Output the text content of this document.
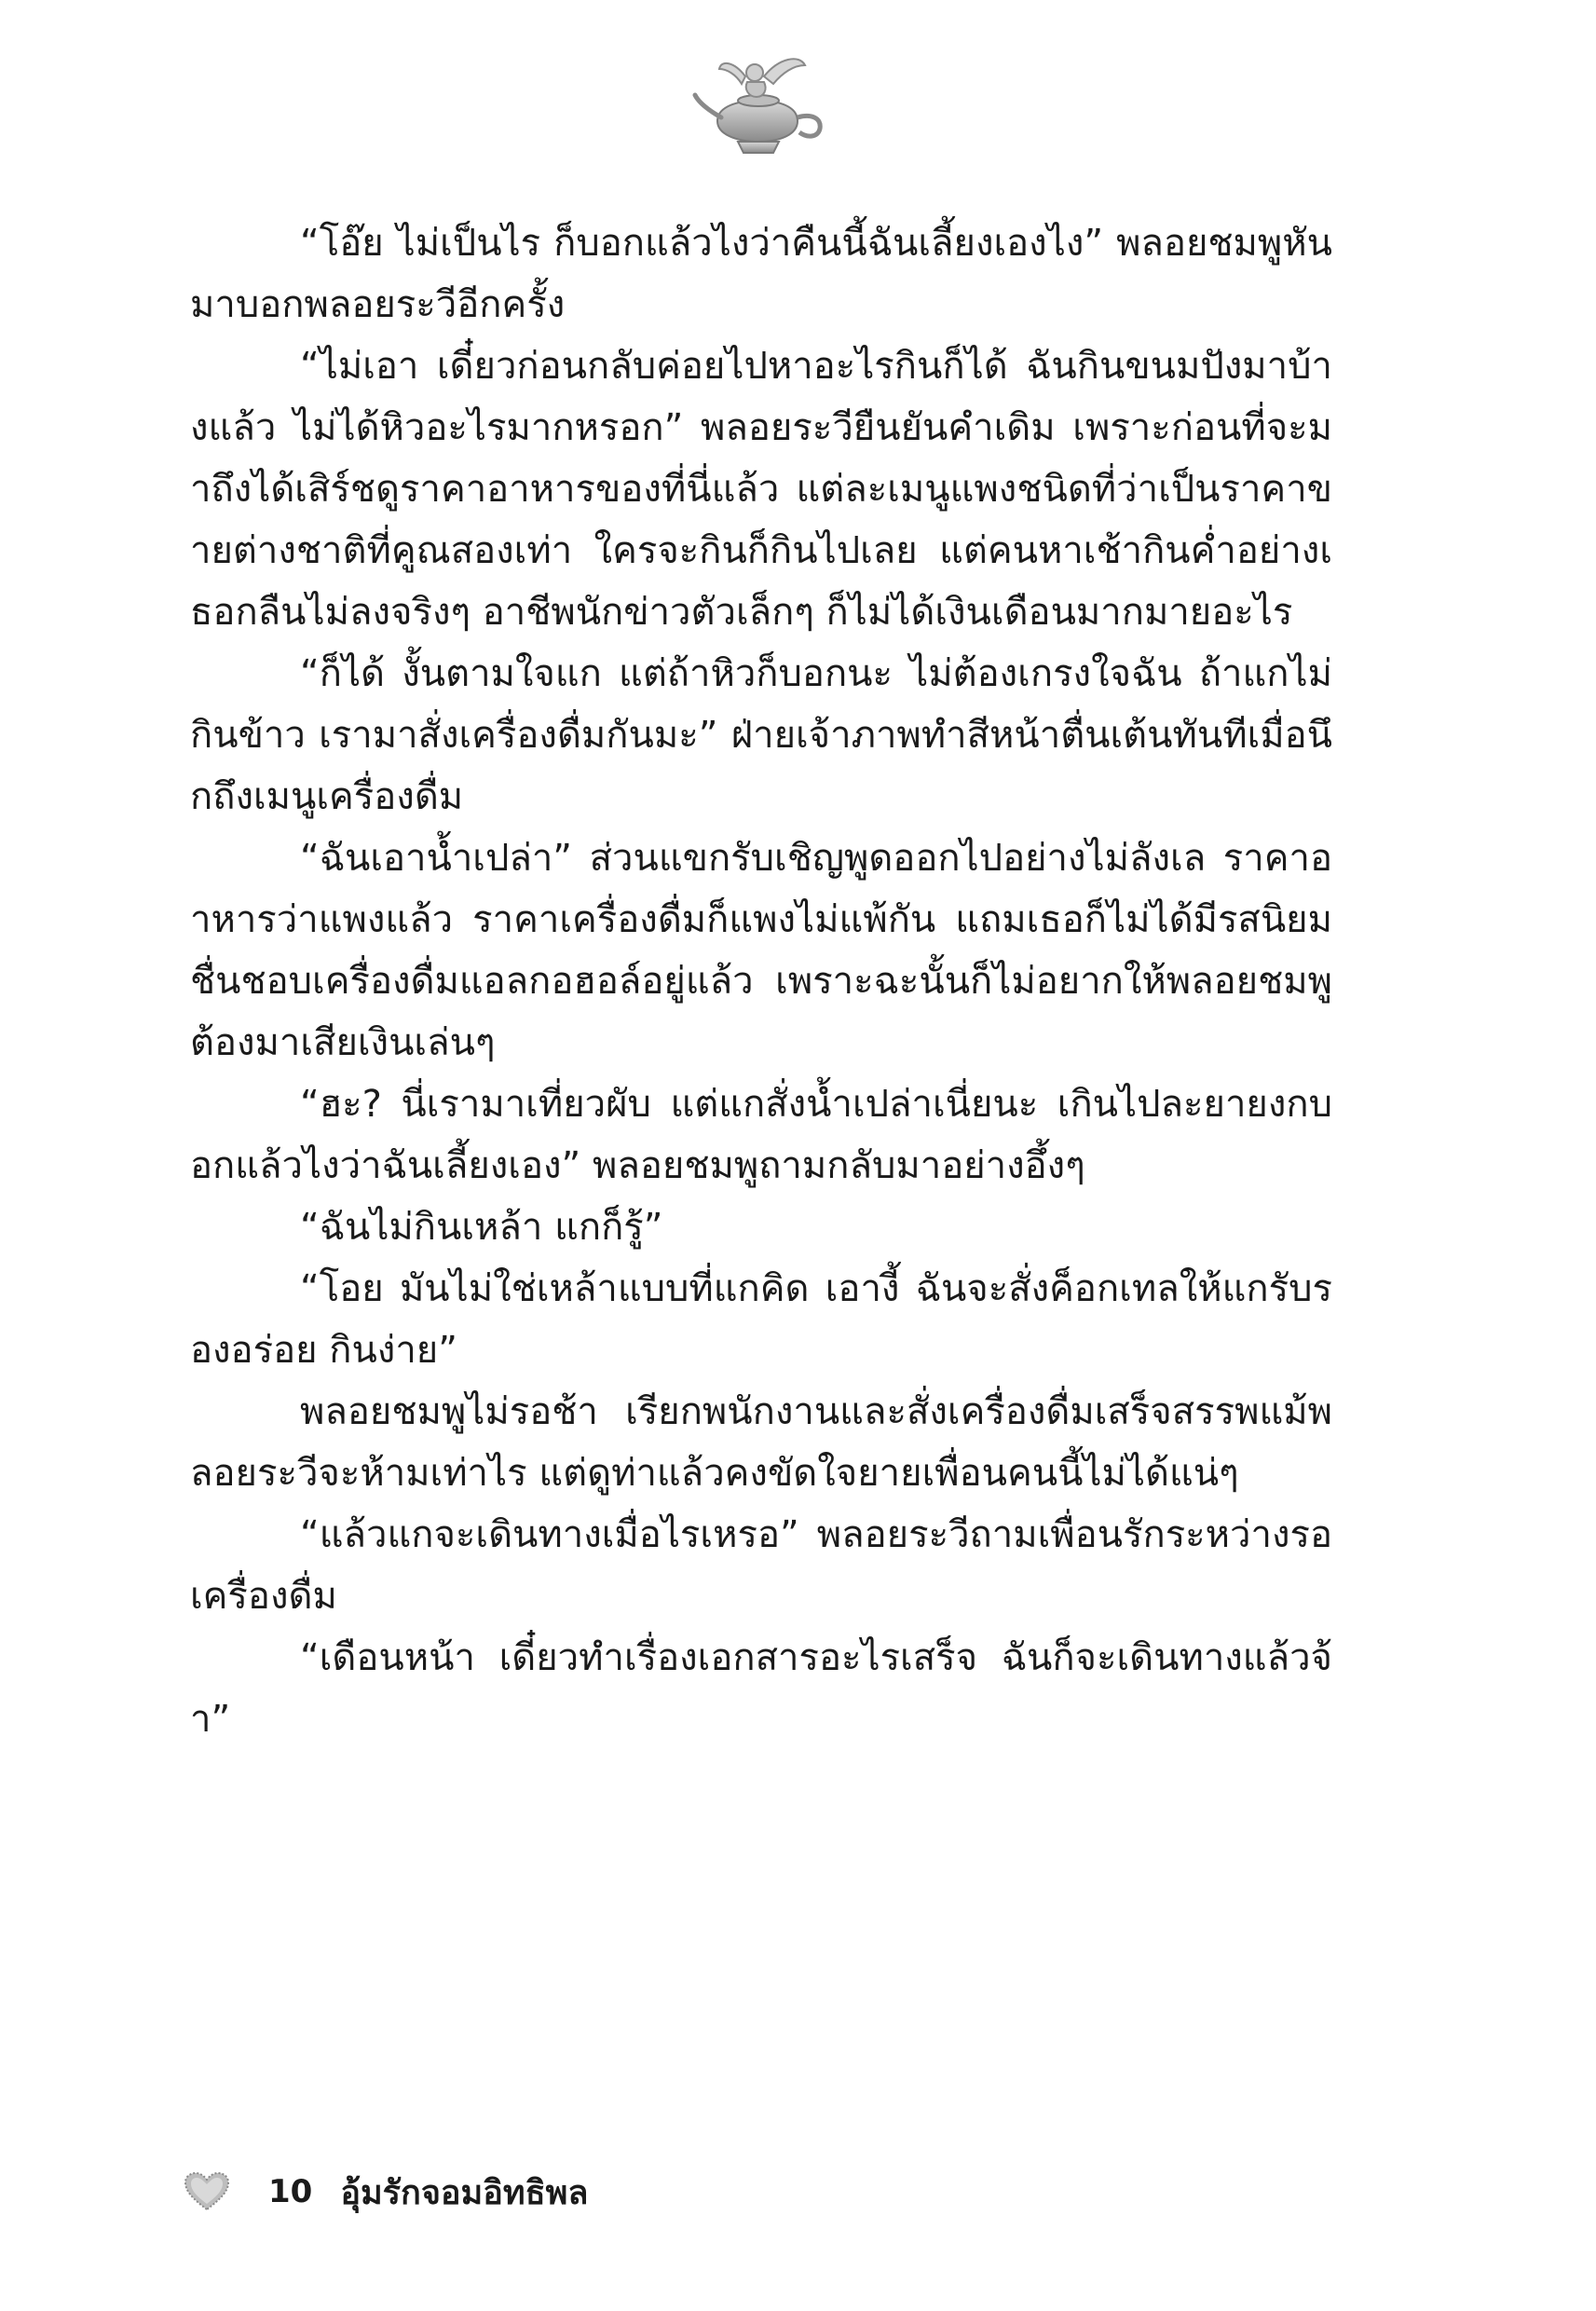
“โอ๊ย ไม่เป็นไร ก็บอกแล้วไงว่าคืนนี้ฉันเลี้ยงเองไง” พลอยชมพูหันมาบอกพลอยระวีอีกครั้ง

“ไม่เอา เดี๋ยวก่อนกลับค่อยไปหาอะไรกินก็ได้ ฉันกินขนมปังมาบ้างแล้ว ไม่ได้หิวอะไรมากหรอก” พลอยระวียืนยันคำเดิม เพราะก่อนที่จะมาถึงได้เสิร์ชดูราคาอาหารของที่นี่แล้ว แต่ละเมนูแพงชนิดที่ว่าเป็นราคาขายต่างชาติที่คูณสองเท่า ใครจะกินก็กินไปเลย แต่คนหาเช้ากินค่ำอย่างเธอกลืนไม่ลงจริงๆ อาชีพนักข่าวตัวเล็กๆ ก็ไม่ได้เงินเดือนมากมายอะไร

“ก็ได้ งั้นตามใจแก แต่ถ้าหิวก็บอกนะ ไม่ต้องเกรงใจฉัน ถ้าแกไม่กินข้าว เรามาสั่งเครื่องดื่มกันมะ” ฝ่ายเจ้าภาพทำสีหน้าตื่นเต้นทันทีเมื่อนึกถึงเมนูเครื่องดื่ม

“ฉันเอาน้ำเปล่า” ส่วนแขกรับเชิญพูดออกไปอย่างไม่ลังเล ราคาอาหารว่าแพงแล้ว ราคาเครื่องดื่มก็แพงไม่แพ้กัน แถมเธอก็ไม่ได้มีรสนิยมชื่นชอบเครื่องดื่มแอลกอฮอล์อยู่แล้ว เพราะฉะนั้นก็ไม่อยากให้พลอยชมพูต้องมาเสียเงินเล่นๆ

“ฮะ? นี่เรามาเที่ยวผับ แต่แกสั่งน้ำเปล่าเนี่ยนะ เกินไปละยายงกบอกแล้วไงว่าฉันเลี้ยงเอง” พลอยชมพูถามกลับมาอย่างอึ้งๆ

“ฉันไม่กินเหล้า แกก็รู้”

“โอย มันไม่ใช่เหล้าแบบที่แกคิด เอางี้ ฉันจะสั่งค็อกเทลให้แกรับรองอร่อย กินง่าย”

พลอยชมพูไม่รอช้า เรียกพนักงานและสั่งเครื่องดื่มเสร็จสรรพแม้พลอยระวีจะห้ามเท่าไร แต่ดูท่าแล้วคงขัดใจยายเพื่อนคนนี้ไม่ได้แน่ๆ

“แล้วแกจะเดินทางเมื่อไรเหรอ” พลอยระวีถามเพื่อนรักระหว่างรอเครื่องดื่ม

“เดือนหน้า เดี๋ยวทำเรื่องเอกสารอะไรเสร็จ ฉันก็จะเดินทางแล้วจ้า”

10 อุ้มรักจอมอิทธิพล
